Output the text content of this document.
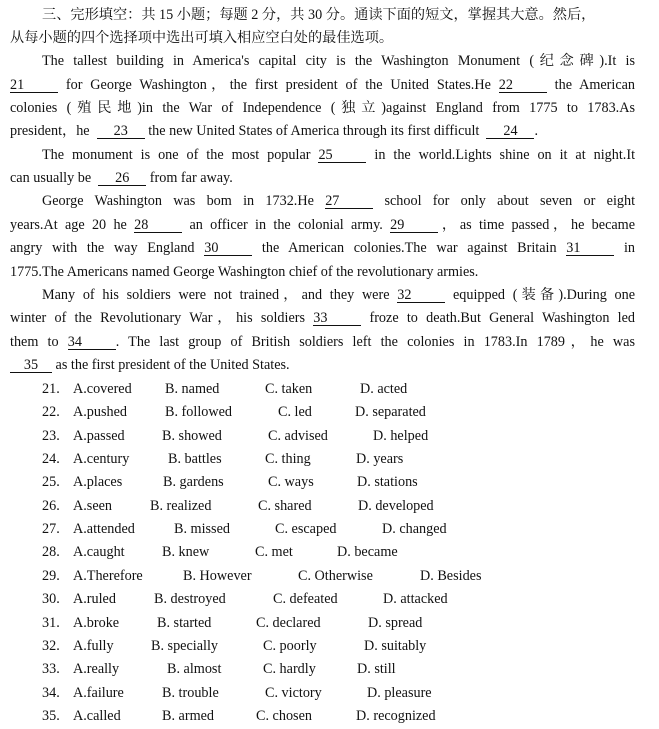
三、完形填空：共 15 小题；每题 2 分，共 30 分。通读下面的短文，掌握其大意。然后，
从每小题的四个选择项中选出可填入相应空白处的最佳选项。
The tallest building in America's capital city is the Washington Monument (纪念碑).It is
21	for George Washington，the first president of the United States.He 22	the American
colonies (殖民地)in the War of Independence (独立)against England from 1775 to 1783.As
president，he 23 the new United States of America through its first difficult 24 .
The monument is one of the most popular 25	in the world.Lights shine on it at night.It
can usually be 26 from far away.
George Washington was bom in 1732.He 27	school for only about seven or eight
years.At age 20 he 28	an officer in the colonial army. 29 ，as time passed，he became
angry with the way England 30	the American colonies.The war against Britain 31	in
1775.The Americans named George Washington chief of the revolutionary armies.
Many of his soldiers were not trained，and they were 32	equipped (装备).During one
winter of the Revolutionary War，his soldiers 33	froze to death.But General Washington led
them to 34 . The last group of British soldiers left the colonies in 1783.In 1789，he was
35 as the first president of the United States.
21. A.covered B. named	C. taken	D. acted
22. A.pushed	B. followed	C. led	D. separated
23. A.passed	B. showed	C. advised	D. helped
24. A.century	B. battles	C. thing	D. years
25. A.places	B. gardens	C. ways	D. stations
26. A.seen	B. realized	C. shared	D. developed
27. A.attended	B. missed	C. escaped	D. changed
28. A.caught	B. knew	C. met	D. became
29. A.Therefore	B. However	C. Otherwise	D. Besides
30. A.ruled	B. destroyed	C. defeated	D. attacked
31. A.broke	B. started	C. declared	D. spread
32. A.fully	B. specially	C. poorly	D. suitably
33. A.really	B. almost	C. hardly	D. still
34. A.failure	B. trouble	C. victory	D. pleasure
35. A.called	B. armed	C. chosen	D. recognized
